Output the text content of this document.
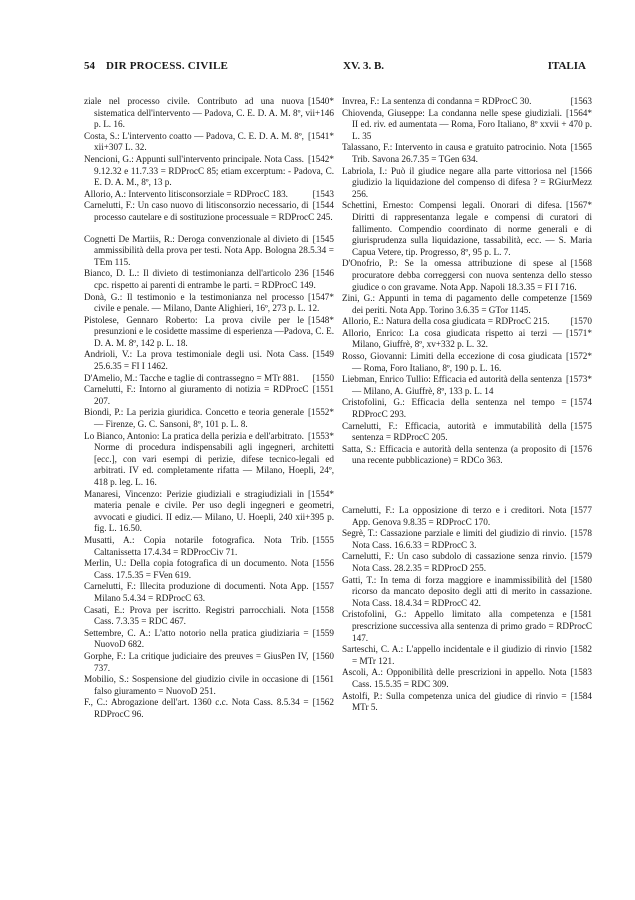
54 DIR PROCESS. CIVILE	XV. 3. B.	ITALIA

[1540*
ziale nel processo civile. Contributo ad una nuova sistematica dell'intervento — Padova, C. E. D. A. M. 8º, vii+146 p. L. 16.

[1541*
Costa, S.: L'intervento coatto — Padova, C. E. D. A. M. 8º, xii+307 L. 32.

[1542*
Nencioni, G.: Appunti sull'intervento principale. Nota Cass. 9.12.32 e 11.7.33 = RDProcC 85; etiam excerptum: - Padova, C. E. D. A. M., 8º, 13 p.

[1543
Allorio, A.: Intervento litisconsorziale = RDProcC 183.

[1544
Carnelutti, F.: Un caso nuovo di litisconsorzio necessario, di processo cautelare e di sostituzione processuale = RDProcC 245.

[1545
Cognetti De Martiis, R.: Deroga convenzionale al divieto di ammissibilità della prova per testi. Nota App. Bologna 28.5.34 = TEm 115.

[1546
Bianco, D. L.: Il divieto di testimonianza dell'articolo 236 cpc. rispetto ai parenti di entrambe le parti. = RDProcC 149.

[1547*
Donà, G.: Il testimonio e la testimonianza nel processo civile e penale. — Milano, Dante Alighieri, 16º, 273 p. L. 12.

[1548*
Pistolese, Gennaro Roberto: La prova civile per le presunzioni e le cosidette massime di esperienza —Padova, C. E. D. A. M. 8º, 142 p. L. 18.

[1549
Andrioli, V.: La prova testimoniale degli usi. Nota Cass. 25.6.35 = FI I 1462.

[1550
D'Amelio, M.: Tacche e taglie di contrassegno = MTr 881.

[1551
Carnelutti, F.: Intorno al giuramento di notizia = RDProcC 207.

[1552*
Biondi, P.: La perizia giuridica. Concetto e teoria generale — Firenze, G. C. Sansoni, 8º, 101 p. L. 8.

[1553*
Lo Bianco, Antonio: La pratica della perizia e dell'arbitrato. Norme di procedura indispensabili agli ingegneri, architetti [ecc.], con vari esempi di perizie, difese tecnico-legali ed arbitrati. IV ed. completamente rifatta — Milano, Hoepli, 24º, 418 p. leg. L. 16.

[1554*
Manaresi, Vincenzo: Perizie giudiziali e stragiudiziali in materia penale e civile. Per uso degli ingegneri e geometri, avvocati e giudici. II ediz.— Milano, U. Hoepli, 240 xii+395 p. fig. L. 16.50.

[1555
Musatti, A.: Copia notarile fotografica. Nota Trib. Caltanissetta 17.4.34 = RDProcCiv 71.

[1556
Merlin, U.: Della copia fotografica di un documento. Nota Cass. 17.5.35 = FVen 619.

[1557
Carnelutti, F.: Illecita produzione di documenti. Nota App. Milano 5.4.34 = RDProcC 63.

[1558
Casati, E.: Prova per iscritto. Registri parrocchiali. Nota Cass. 7.3.35 = RDC 467.

[1559
Settembre, C. A.: L'atto notorio nella pratica giudiziaria = NuovoD 682.

[1560
Gorphe, F.: La critique judiciaire des preuves = GiusPen IV, 737.

[1561
Mobilio, S.: Sospensione del giudizio civile in occasione di falso giuramento = NuovoD 251.

[1562
F., C.: Abrogazione dell'art. 1360 c.c. Nota Cass. 8.5.34 = RDProcC 96.

[1563
Invrea, F.: La sentenza di condanna = RDProcC 30.

[1564*
Chiovenda, Giuseppe: La condanna nelle spese giudiziali. II ed. riv. ed aumentata — Roma, Foro Italiano, 8º xxvii + 470 p. L. 35

[1565
Talassano, F.: Intervento in causa e gratuito patrocinio. Nota Trib. Savona 26.7.35 = TGen 634.

[1566
Labriola, I.: Può il giudice negare alla parte vittoriosa nel giudizio la liquidazione del compenso di difesa ? = RGiurMezz 256.

[1567*
Schettini, Ernesto: Compensi legali. Onorari di difesa. Diritti di rappresentanza legale e compensi di curatori di fallimento. Compendio coordinato di norme generali e di giurisprudenza sulla liquidazione, tassabilità, ecc. — S. Maria Capua Vetere, tip. Progresso, 8º, 95 p. L. 7.

[1568
D'Onofrio, P.: Se la omessa attribuzione di spese al procuratore debba correggersi con nuova sentenza dello stesso giudice o con gravame. Nota App. Napoli 18.3.35 = FI I 716.

[1569
Zini, G.: Appunti in tema di pagamento delle competenze dei periti. Nota App. Torino 3.6.35 = GTor 1145.

[1570
Allorio, E.: Natura della cosa giudicata = RDProcC 215.

[1571*
Allorio, Enrico: La cosa giudicata rispetto ai terzi — Milano, Giuffrè, 8º, xv+332 p. L. 32.

[1572*
Rosso, Giovanni: Limiti della eccezione di cosa giudicata — Roma, Foro Italiano, 8º, 190 p. L. 16.

[1573*
Liebman, Enrico Tullio: Efficacia ed autorità della sentenza — Milano, A. Giuffrè, 8º, 133 p. L. 14

[1574
Cristofolini, G.: Efficacia della sentenza nel tempo = RDProcC 293.

[1575
Carnelutti, F.: Efficacia, autorità e immutabilità della sentenza = RDProcC 205.

[1576
Satta, S.: Efficacia e autorità della sentenza (a proposito di una recente pubblicazione) = RDCo 363.

[1577
Carnelutti, F.: La opposizione di terzo e i creditori. Nota App. Genova 9.8.35 = RDProcC 170.

[1578
Segrè, T.: Cassazione parziale e limiti del giudizio di rinvio. Nota Cass. 16.6.33 = RDProcC 3.

[1579
Carnelutti, F.: Un caso subdolo di cassazione senza rinvio. Nota Cass. 28.2.35 = RDProcD 255.

[1580
Gatti, T.: In tema di forza maggiore e inammissibilità del ricorso da mancato deposito degli atti di merito in cassazione. Nota Cass. 18.4.34 = RDProcC 42.

[1581
Cristofolini, G.: Appello limitato alla competenza e prescrizione successiva alla sentenza di primo grado = RDProcC 147.

[1582
Sarteschi, C. A.: L'appello incidentale e il giudizio di rinvio = MTr 121.

[1583
Ascoli, A.: Opponibilità delle prescrizioni in appello. Nota Cass. 15.5.35 = RDC 309.

[1584
Astolfi, P.: Sulla competenza unica del giudice di rinvio = MTr 5.
